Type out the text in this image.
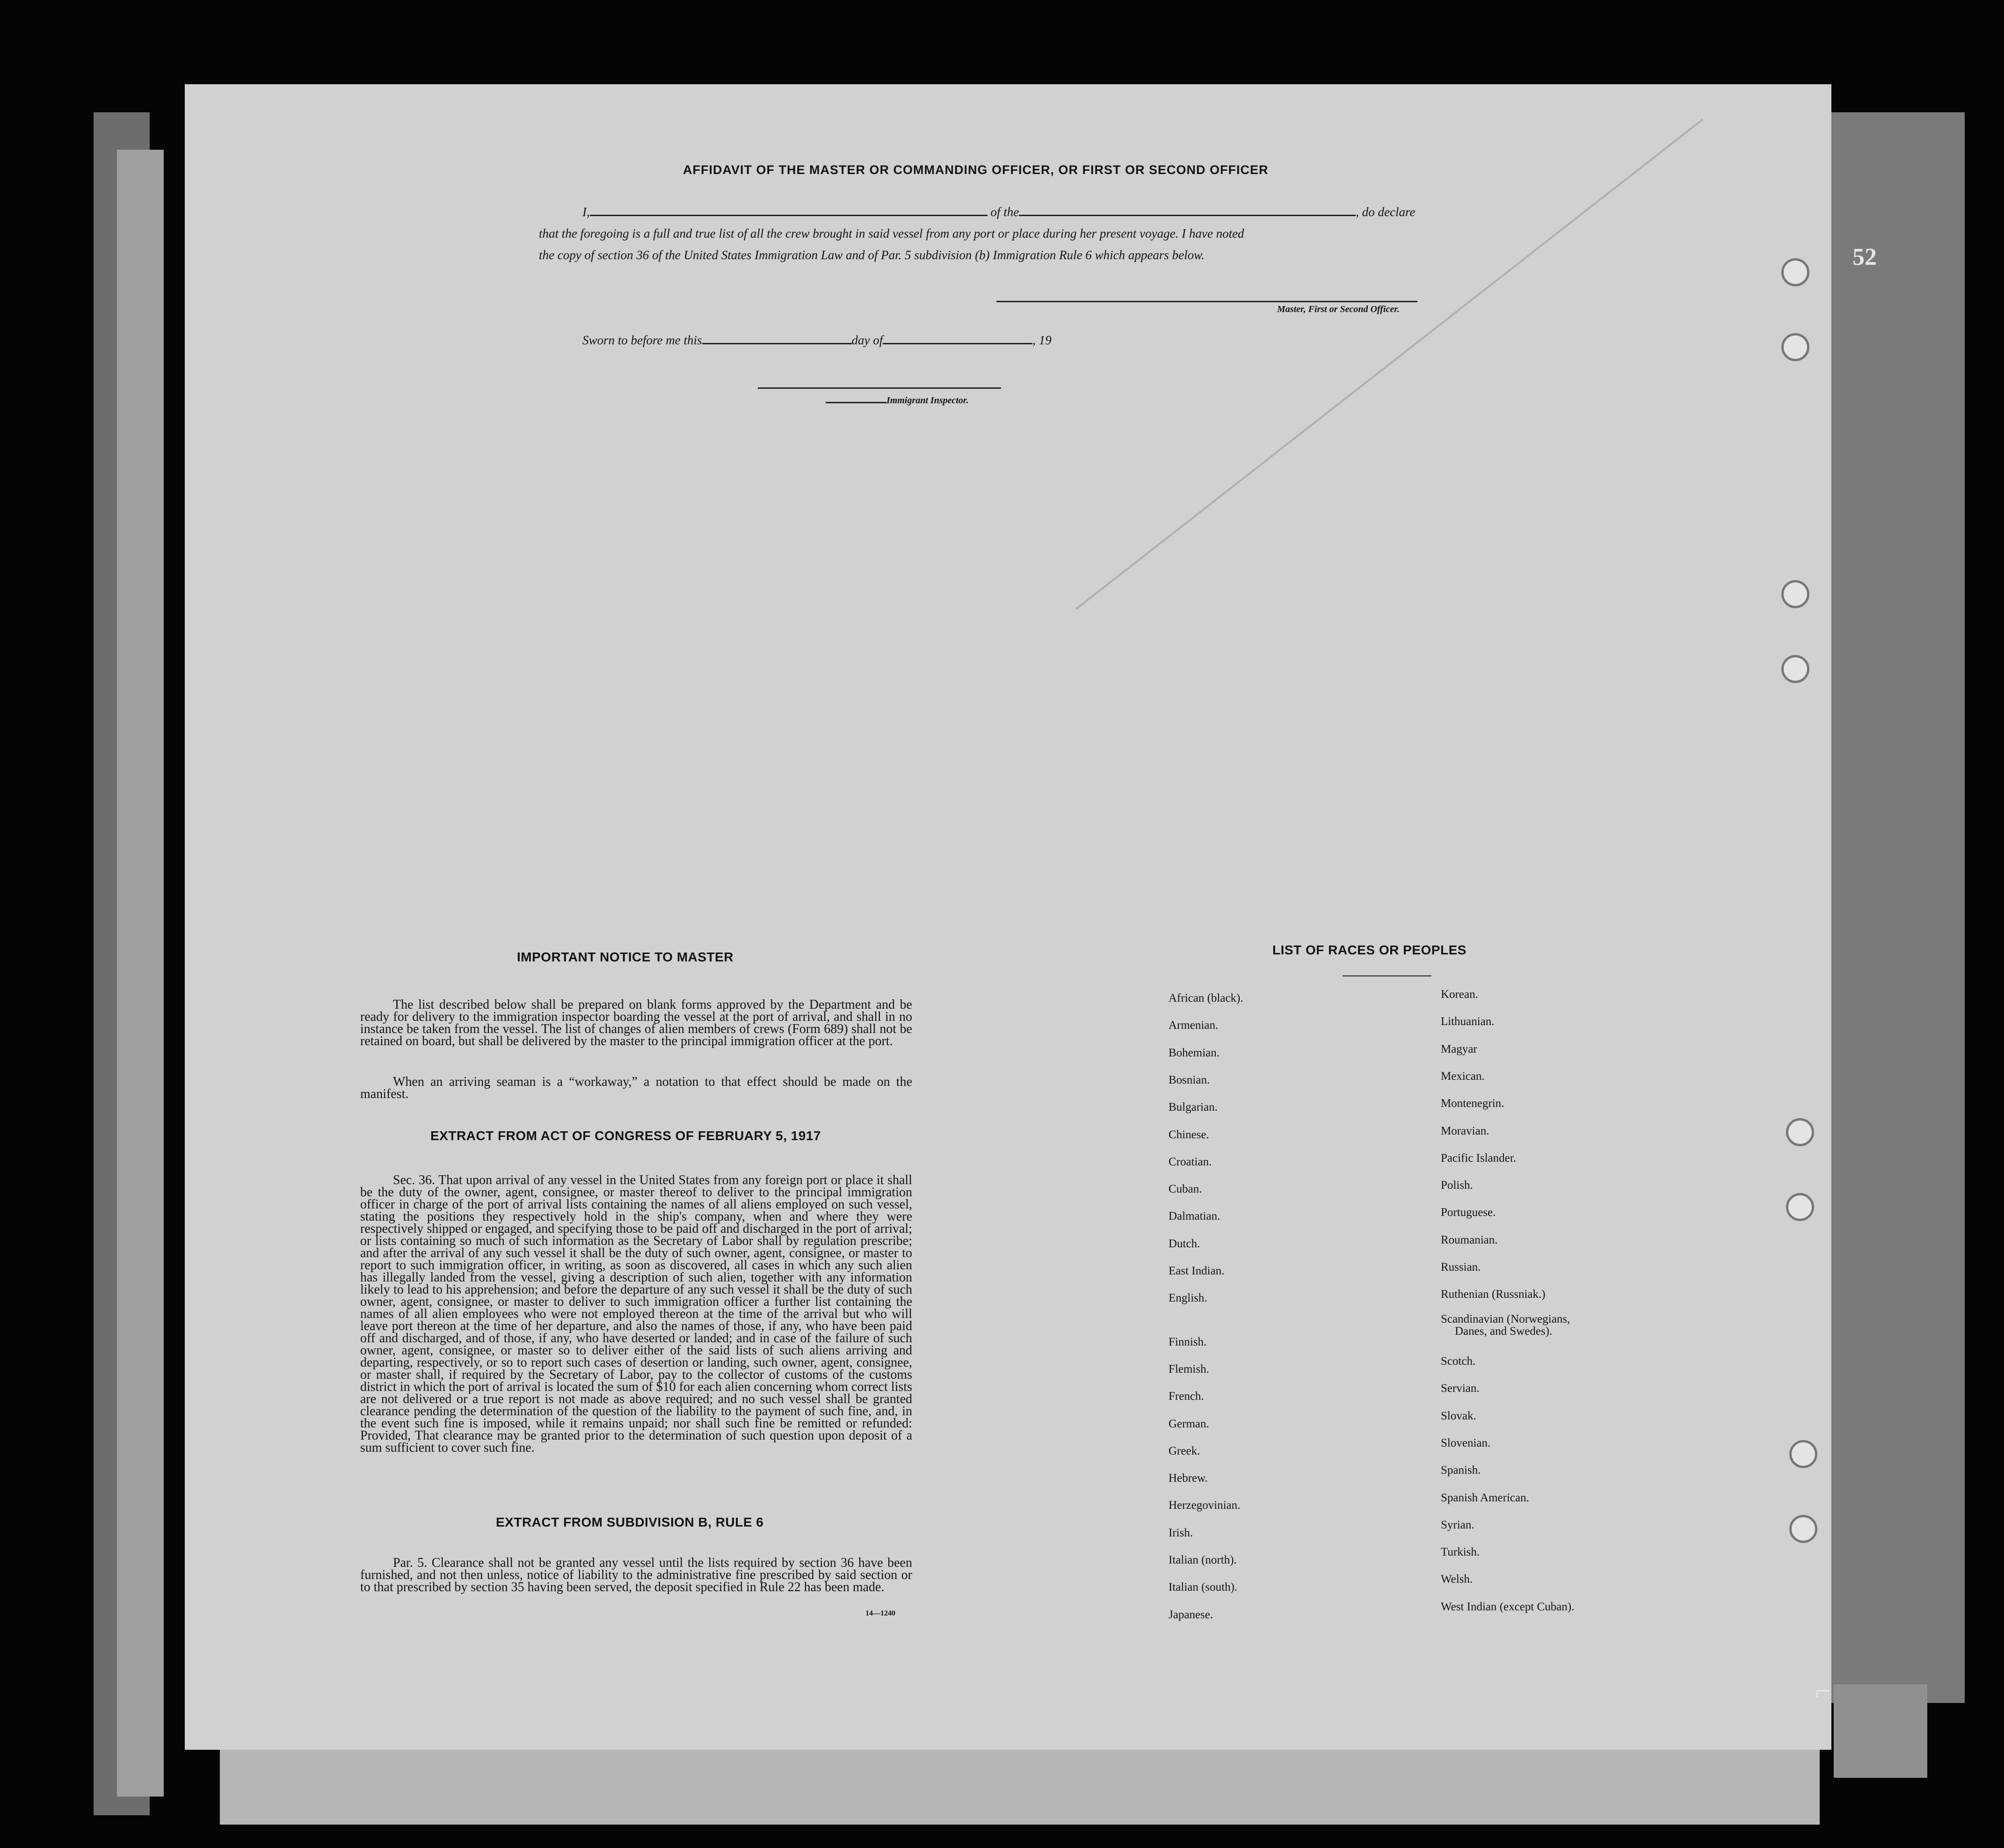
52
⌐
AFFIDAVIT OF THE MASTER OR COMMANDING OFFICER, OR FIRST OR SECOND OFFICER
I,	of the	, do declare
that the foregoing is a full and true list of all the crew brought in said vessel from any port or place during her present voyage. I have noted
the copy of section 36 of the United States Immigration Law and of Par. 5 subdivision (b) Immigration Rule 6 which appears below.
Master, First or Second Officer.
Sworn to before me this	day of	, 19
Immigrant Inspector.
IMPORTANT NOTICE TO MASTER
The list described below shall be prepared on blank forms approved by the Department and be ready for delivery to the immigration inspector boarding the vessel at the port of arrival, and shall in no instance be taken from the vessel. The list of changes of alien members of crews (Form 689) shall not be retained on board, but shall be delivered by the master to the principal immigration officer at the port.
When an arriving seaman is a “workaway,” a notation to that effect should be made on the manifest.
EXTRACT FROM ACT OF CONGRESS OF FEBRUARY 5, 1917
Sec. 36. That upon arrival of any vessel in the United States from any foreign port or place it shall be the duty of the owner, agent, consignee, or master thereof to deliver to the principal immigration officer in charge of the port of arrival lists containing the names of all aliens employed on such vessel, stating the positions they respectively hold in the ship's company, when and where they were respectively shipped or engaged, and specifying those to be paid off and discharged in the port of arrival; or lists containing so much of such information as the Secretary of Labor shall by regulation prescribe; and after the arrival of any such vessel it shall be the duty of such owner, agent, consignee, or master to report to such immigration officer, in writing, as soon as discovered, all cases in which any such alien has illegally landed from the vessel, giving a description of such alien, together with any information likely to lead to his apprehension; and before the departure of any such vessel it shall be the duty of such owner, agent, consignee, or master to deliver to such immigration officer a further list containing the names of all alien employees who were not employed thereon at the time of the arrival but who will leave port thereon at the time of her departure, and also the names of those, if any, who have been paid off and discharged, and of those, if any, who have deserted or landed; and in case of the failure of such owner, agent, consignee, or master so to deliver either of the said lists of such aliens arriving and departing, respectively, or so to report such cases of desertion or landing, such owner, agent, consignee, or master shall, if required by the Secretary of Labor, pay to the collector of customs of the customs district in which the port of arrival is located the sum of $10 for each alien concerning whom correct lists are not delivered or a true report is not made as above required; and no such vessel shall be granted clearance pending the determination of the question of the liability to the payment of such fine, and, in the event such fine is imposed, while it remains unpaid; nor shall such fine be remitted or refunded: Provided, That clearance may be granted prior to the determination of such question upon deposit of a sum sufficient to cover such fine.
EXTRACT FROM SUBDIVISION B, RULE 6
Par. 5. Clearance shall not be granted any vessel until the lists required by section 36 have been furnished, and not then unless, notice of liability to the administrative fine prescribed by said section or to that prescribed by section 35 having been served, the deposit specified in Rule 22 has been made.
14—1240
LIST OF RACES OR PEOPLES
African (black).
Armenian.
Bohemian.
Bosnian.
Bulgarian.
Chinese.
Croatian.
Cuban.
Dalmatian.
Dutch.
East Indian.
English.
Finnish.
Flemish.
French.
German.
Greek.
Hebrew.
Herzegovinian.
Irish.
Italian (north).
Italian (south).
Japanese.
Korean.
Lithuanian.
Magyar
Mexican.
Montenegrin.
Moravian.
Pacific Islander.
Polish.
Portuguese.
Roumanian.
Russian.
Ruthenian (Russniak.)
Scandinavian (Norwegians,
Danes, and Swedes).
Scotch.
Servian.
Slovak.
Slovenian.
Spanish.
Spanish American.
Syrian.
Turkish.
Welsh.
West Indian (except Cuban).
